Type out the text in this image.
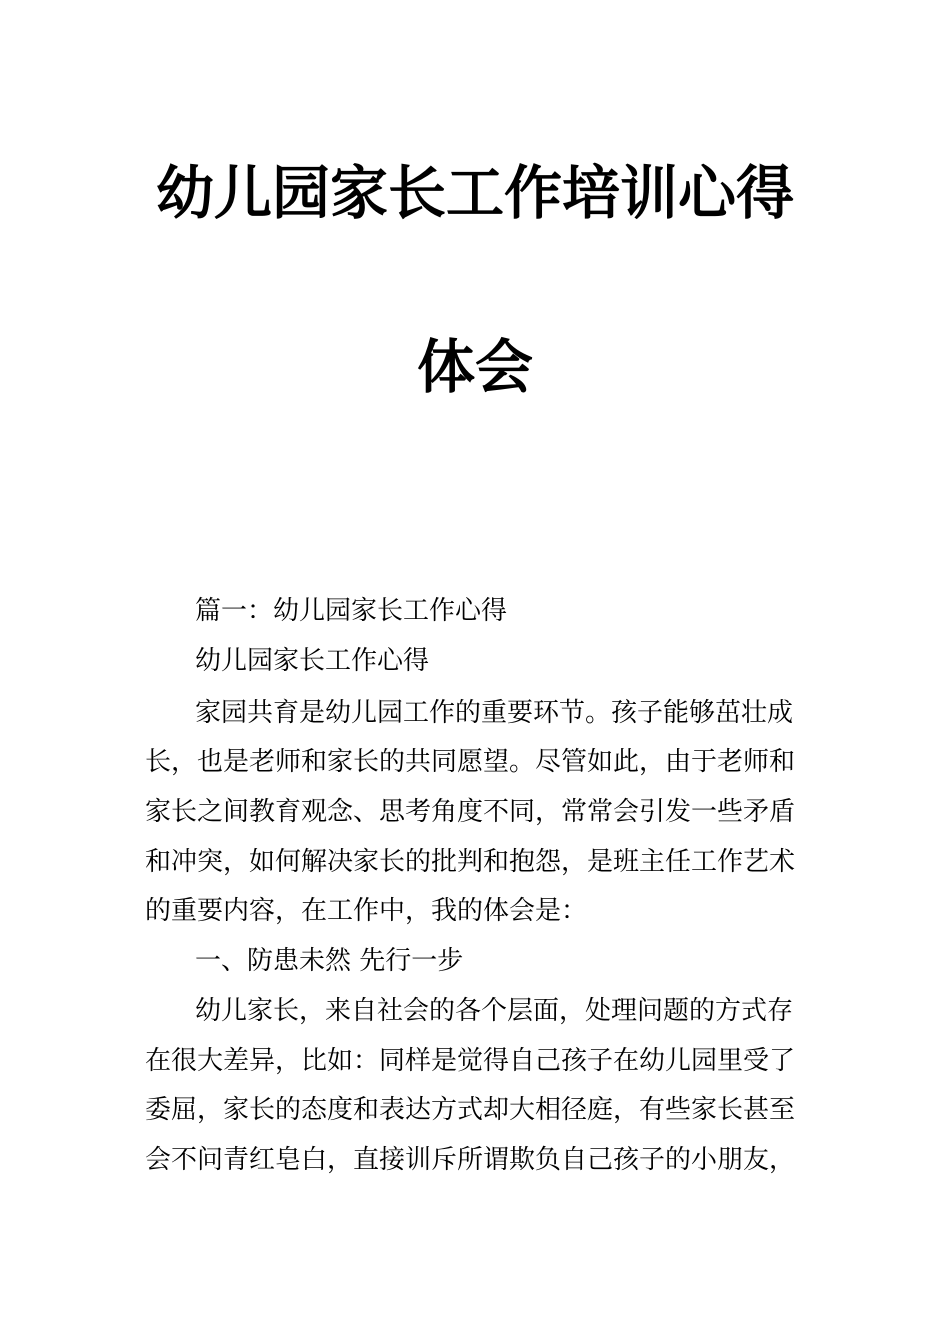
幼儿园家长工作培训心得
体会
篇一：幼儿园家长工作心得
幼儿园家长工作心得
家园共育是幼儿园工作的重要环节。孩子能够茁壮成
长，也是老师和家长的共同愿望。尽管如此，由于老师和
家长之间教育观念、思考角度不同，常常会引发一些矛盾
和冲突，如何解决家长的批判和抱怨，是班主任工作艺术
的重要内容，在工作中，我的体会是：
一、防患未然 先行一步
幼儿家长，来自社会的各个层面，处理问题的方式存
在很大差异，比如：同样是觉得自己孩子在幼儿园里受了
委屈，家长的态度和表达方式却大相径庭，有些家长甚至
会不问青红皂白，直接训斥所谓欺负自己孩子的小朋友，
